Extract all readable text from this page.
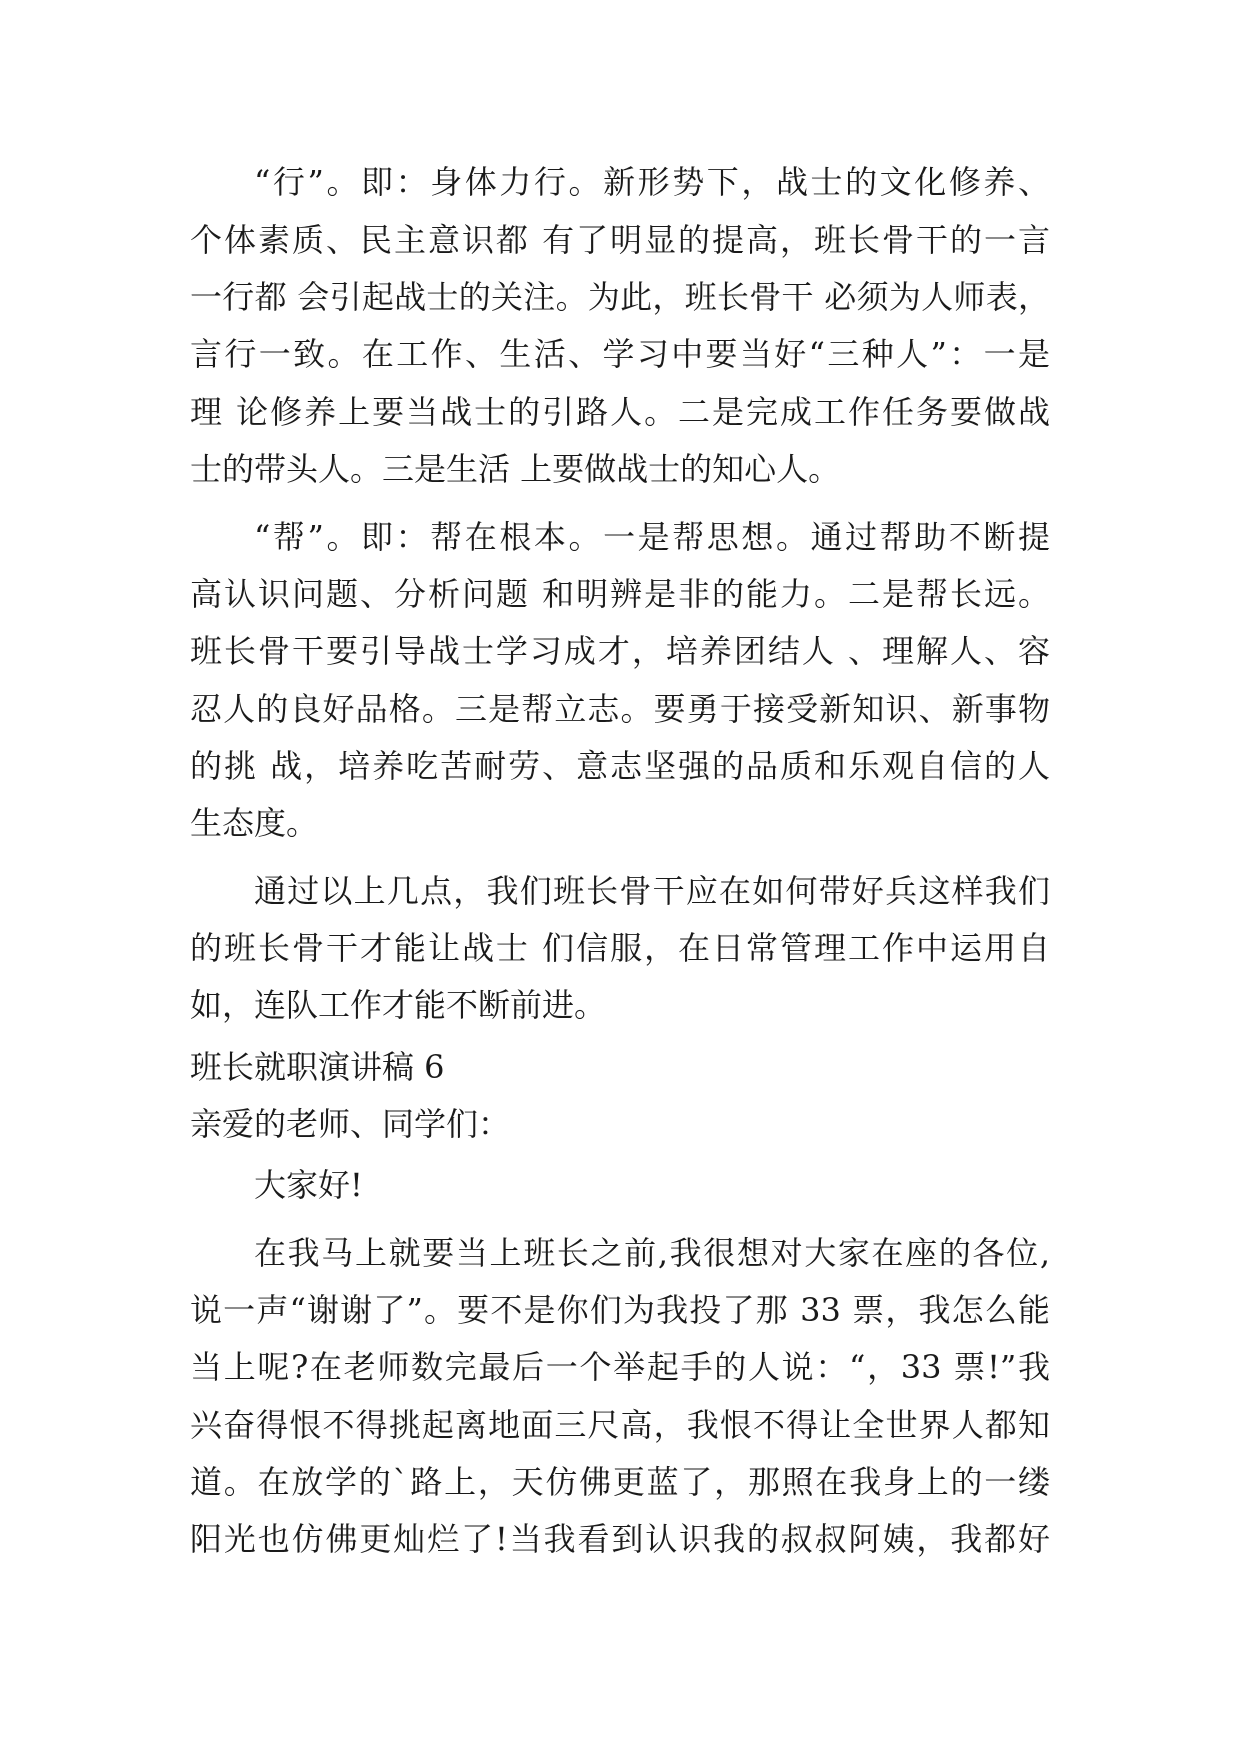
“行”。即：身体力行。新形势下，战士的文化修养、
个体素质、民主意识都 有了明显的提高，班长骨干的一言
一行都 会引起战士的关注。为此，班长骨干 必须为人师表，
言行一致。在工作、生活、学习中要当好“三种人”：一是
理 论修养上要当战士的引路人。二是完成工作任务要做战
士的带头人。三是生活 上要做战士的知心人。
“帮”。即：帮在根本。一是帮思想。通过帮助不断提
高认识问题、分析问题 和明辨是非的能力。二是帮长远。
班长骨干要引导战士学习成才，培养团结人 、理解人、容
忍人的良好品格。三是帮立志。要勇于接受新知识、新事物
的挑 战，培养吃苦耐劳、意志坚强的品质和乐观自信的人
生态度。
通过以上几点，我们班长骨干应在如何带好兵这样我们
的班长骨干才能让战士 们信服，在日常管理工作中运用自
如，连队工作才能不断前进。
班长就职演讲稿 6
亲爱的老师、同学们：
大家好!
在我马上就要当上班长之前,我很想对大家在座的各位,
说一声“谢谢了”。要不是你们为我投了那 33 票，我怎么能
当上呢?在老师数完最后一个举起手的人说：“，33 票!”我
兴奋得恨不得挑起离地面三尺高，我恨不得让全世界人都知
道。在放学的`路上，天仿佛更蓝了，那照在我身上的一缕
阳光也仿佛更灿烂了!当我看到认识我的叔叔阿姨，我都好
